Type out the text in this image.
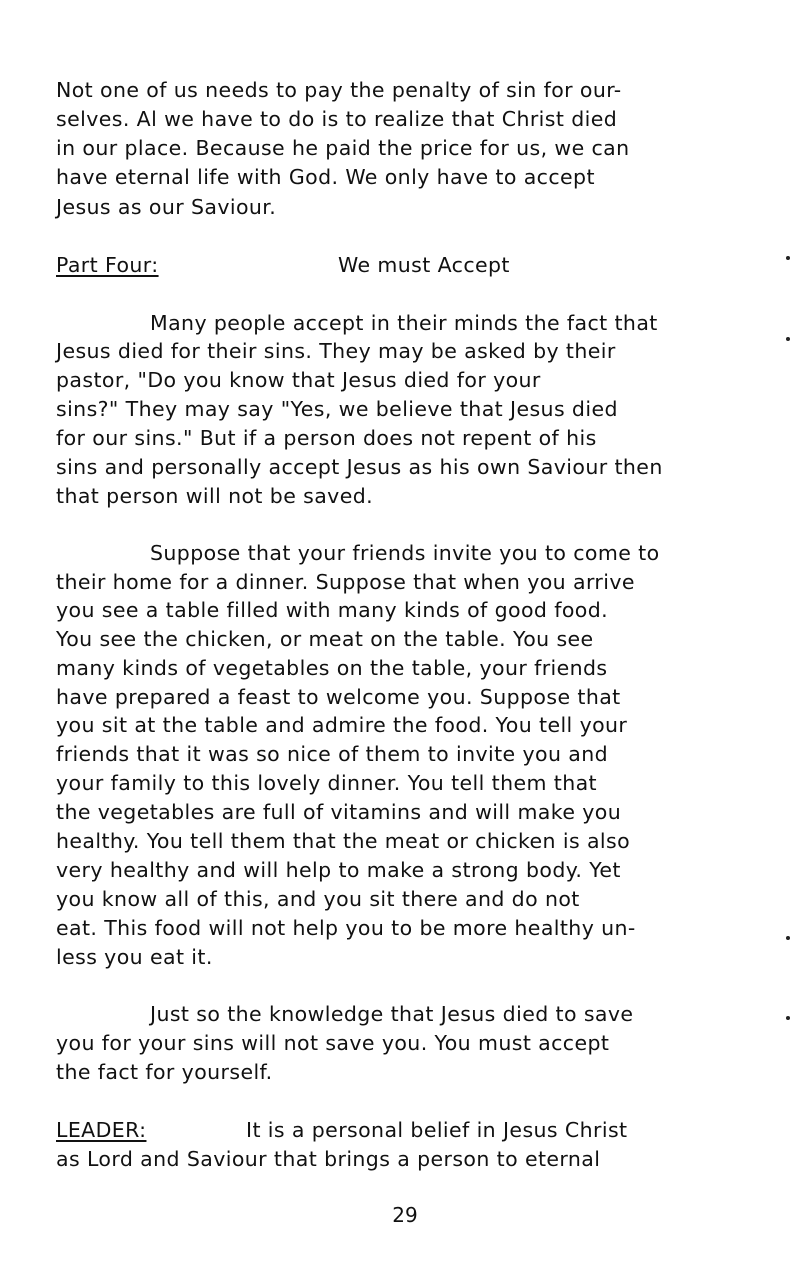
Not one of us needs to pay the penalty of sin for our-
selves. Al we have to do is to realize that Christ died
in our place. Because he paid the price for us, we can
have eternal life with God. We only have to accept
Jesus as our Saviour.
Part Four:	We must Accept
Many people accept in their minds the fact that
Jesus died for their sins. They may be asked by their
pastor, "Do you know that Jesus died for your
sins?" They may say "Yes, we believe that Jesus died
for our sins." But if a person does not repent of his
sins and personally accept Jesus as his own Saviour then
that person will not be saved.
Suppose that your friends invite you to come to
their home for a dinner. Suppose that when you arrive
you see a table filled with many kinds of good food.
You see the chicken, or meat on the table. You see
many kinds of vegetables on the table, your friends
have prepared a feast to welcome you. Suppose that
you sit at the table and admire the food. You tell your
friends that it was so nice of them to invite you and
your family to this lovely dinner. You tell them that
the vegetables are full of vitamins and will make you
healthy. You tell them that the meat or chicken is also
very healthy and will help to make a strong body. Yet
you know all of this, and you sit there and do not
eat. This food will not help you to be more healthy un-
less you eat it.
Just so the knowledge that Jesus died to save
you for your sins will not save you. You must accept
the fact for yourself.
LEADER:	It is a personal belief in Jesus Christ
as Lord and Saviour that brings a person to eternal
29
